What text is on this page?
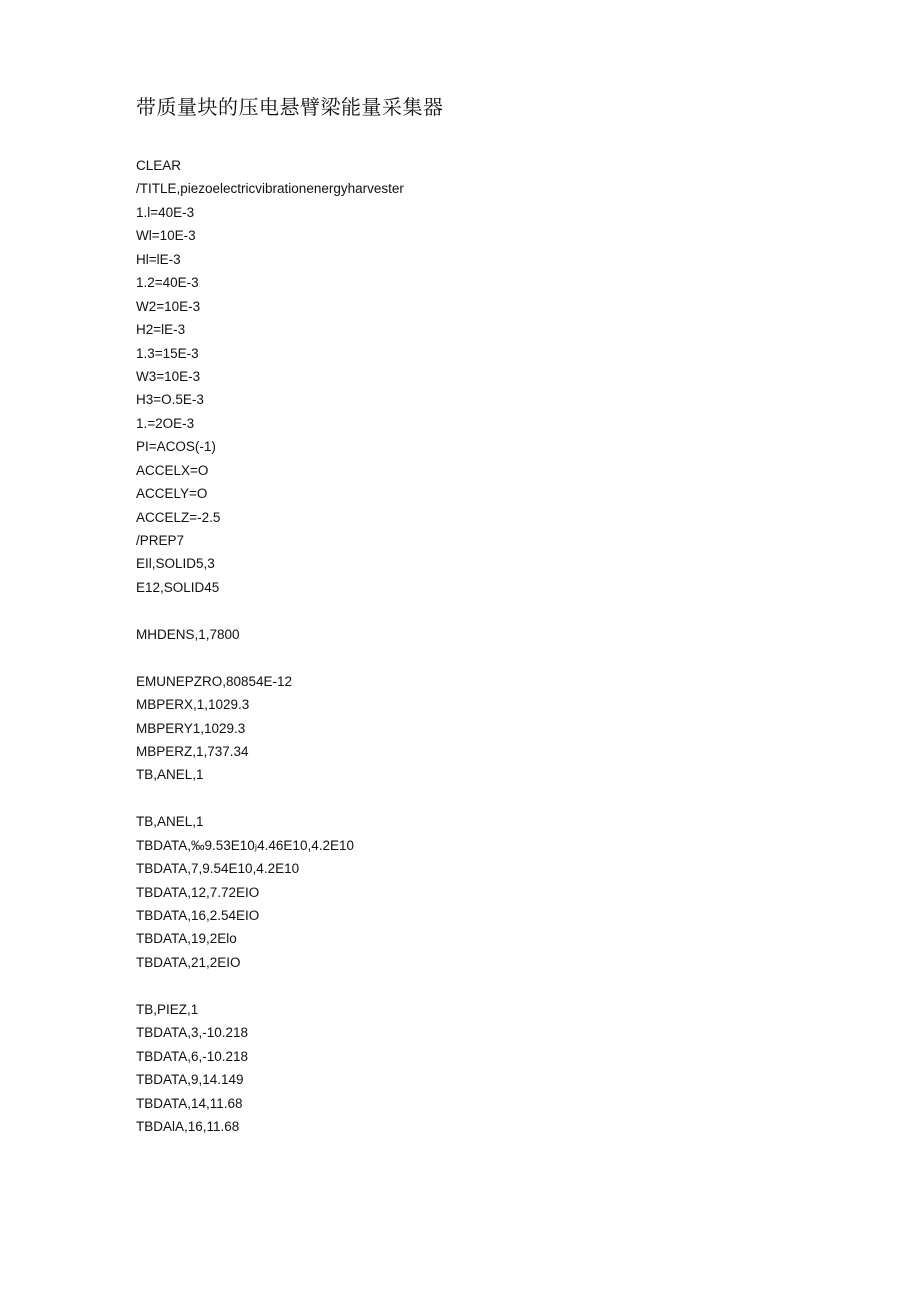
带质量块的压电悬臂梁能量采集器
CLEAR
/TITLE,piezoelectricvibrationenergyharvester
1.l=40E-3
Wl=10E-3
Hl=lE-3
1.2=40E-3
W2=10E-3
H2=lE-3
1.3=15E-3
W3=10E-3
H3=O.5E-3
1.=2OE-3
PI=ACOS(-1)
ACCELX=O
ACCELY=O
ACCELZ=-2.5
/PREP7
EIl,SOLID5,3
E12,SOLID45
MHDENS,1,7800
EMUNEPZRO,80854E-12
MBPERX,1,1029.3
MBPERY1,1029.3
MBPERZ,1,737.34
TB,ANEL,1
TB,ANEL,1
TBDATA,‰9.53E10ⱼ4.46E10,4.2E10
TBDATA,7,9.54E10,4.2E10
TBDATA,12,7.72EIO
TBDATA,16,2.54EIO
TBDATA,19,2Elo
TBDATA,21,2EIO
TB,PIEZ,1
TBDATA,3,-10.218
TBDATA,6,-10.218
TBDATA,9,14.149
TBDATA,14,11.68
TBDAlA,16,11.68
